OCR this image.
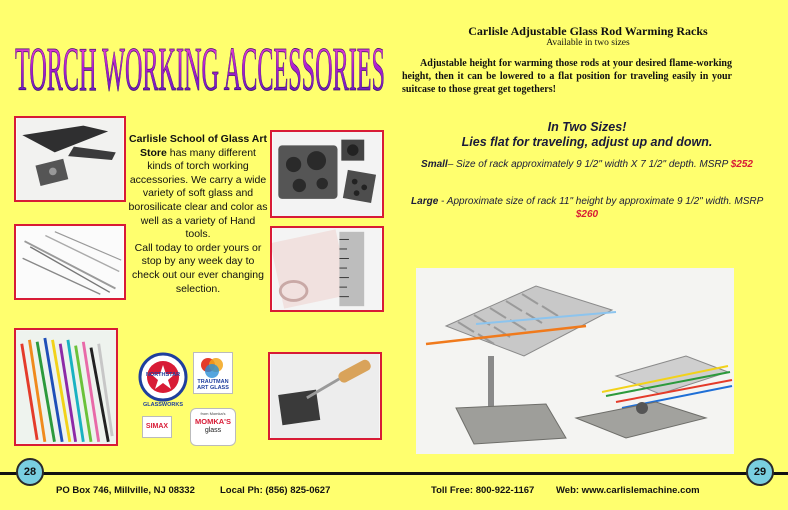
TORCH WORKING ACCESSORIES
Carlisle School of Glass Art Store has many different kinds of torch working accessories. We carry a wide variety of soft glass and borosilicate clear and color as well as a variety of Hand tools.
Call today to order yours or stop by any week day to check out our ever changing selection.
NORTHSTAR GLASSWORKS
TRAUTMAN ART GLASS
SIMAX
from Momka's
MOMKA'S
glass
Carlisle Adjustable Glass Rod Warming Racks
Available in two sizes
Adjustable height for warming those rods at your desired flame-working height, then it can be lowered to a flat position for traveling easily in your suitcase to those great get togethers!
In Two Sizes!
Lies flat for traveling, adjust up and down.
Small– Size of rack approximately 9 1/2" width X 7 1/2" depth. MSRP $252
Large - Approximate size of rack 11" height by approximate 9 1/2" width. MSRP $260
28	29
PO Box 746, Millville, NJ 08332	Local Ph: (856) 825-0627	Toll Free: 800-922-1167 Web: www.carlislemachine.com
